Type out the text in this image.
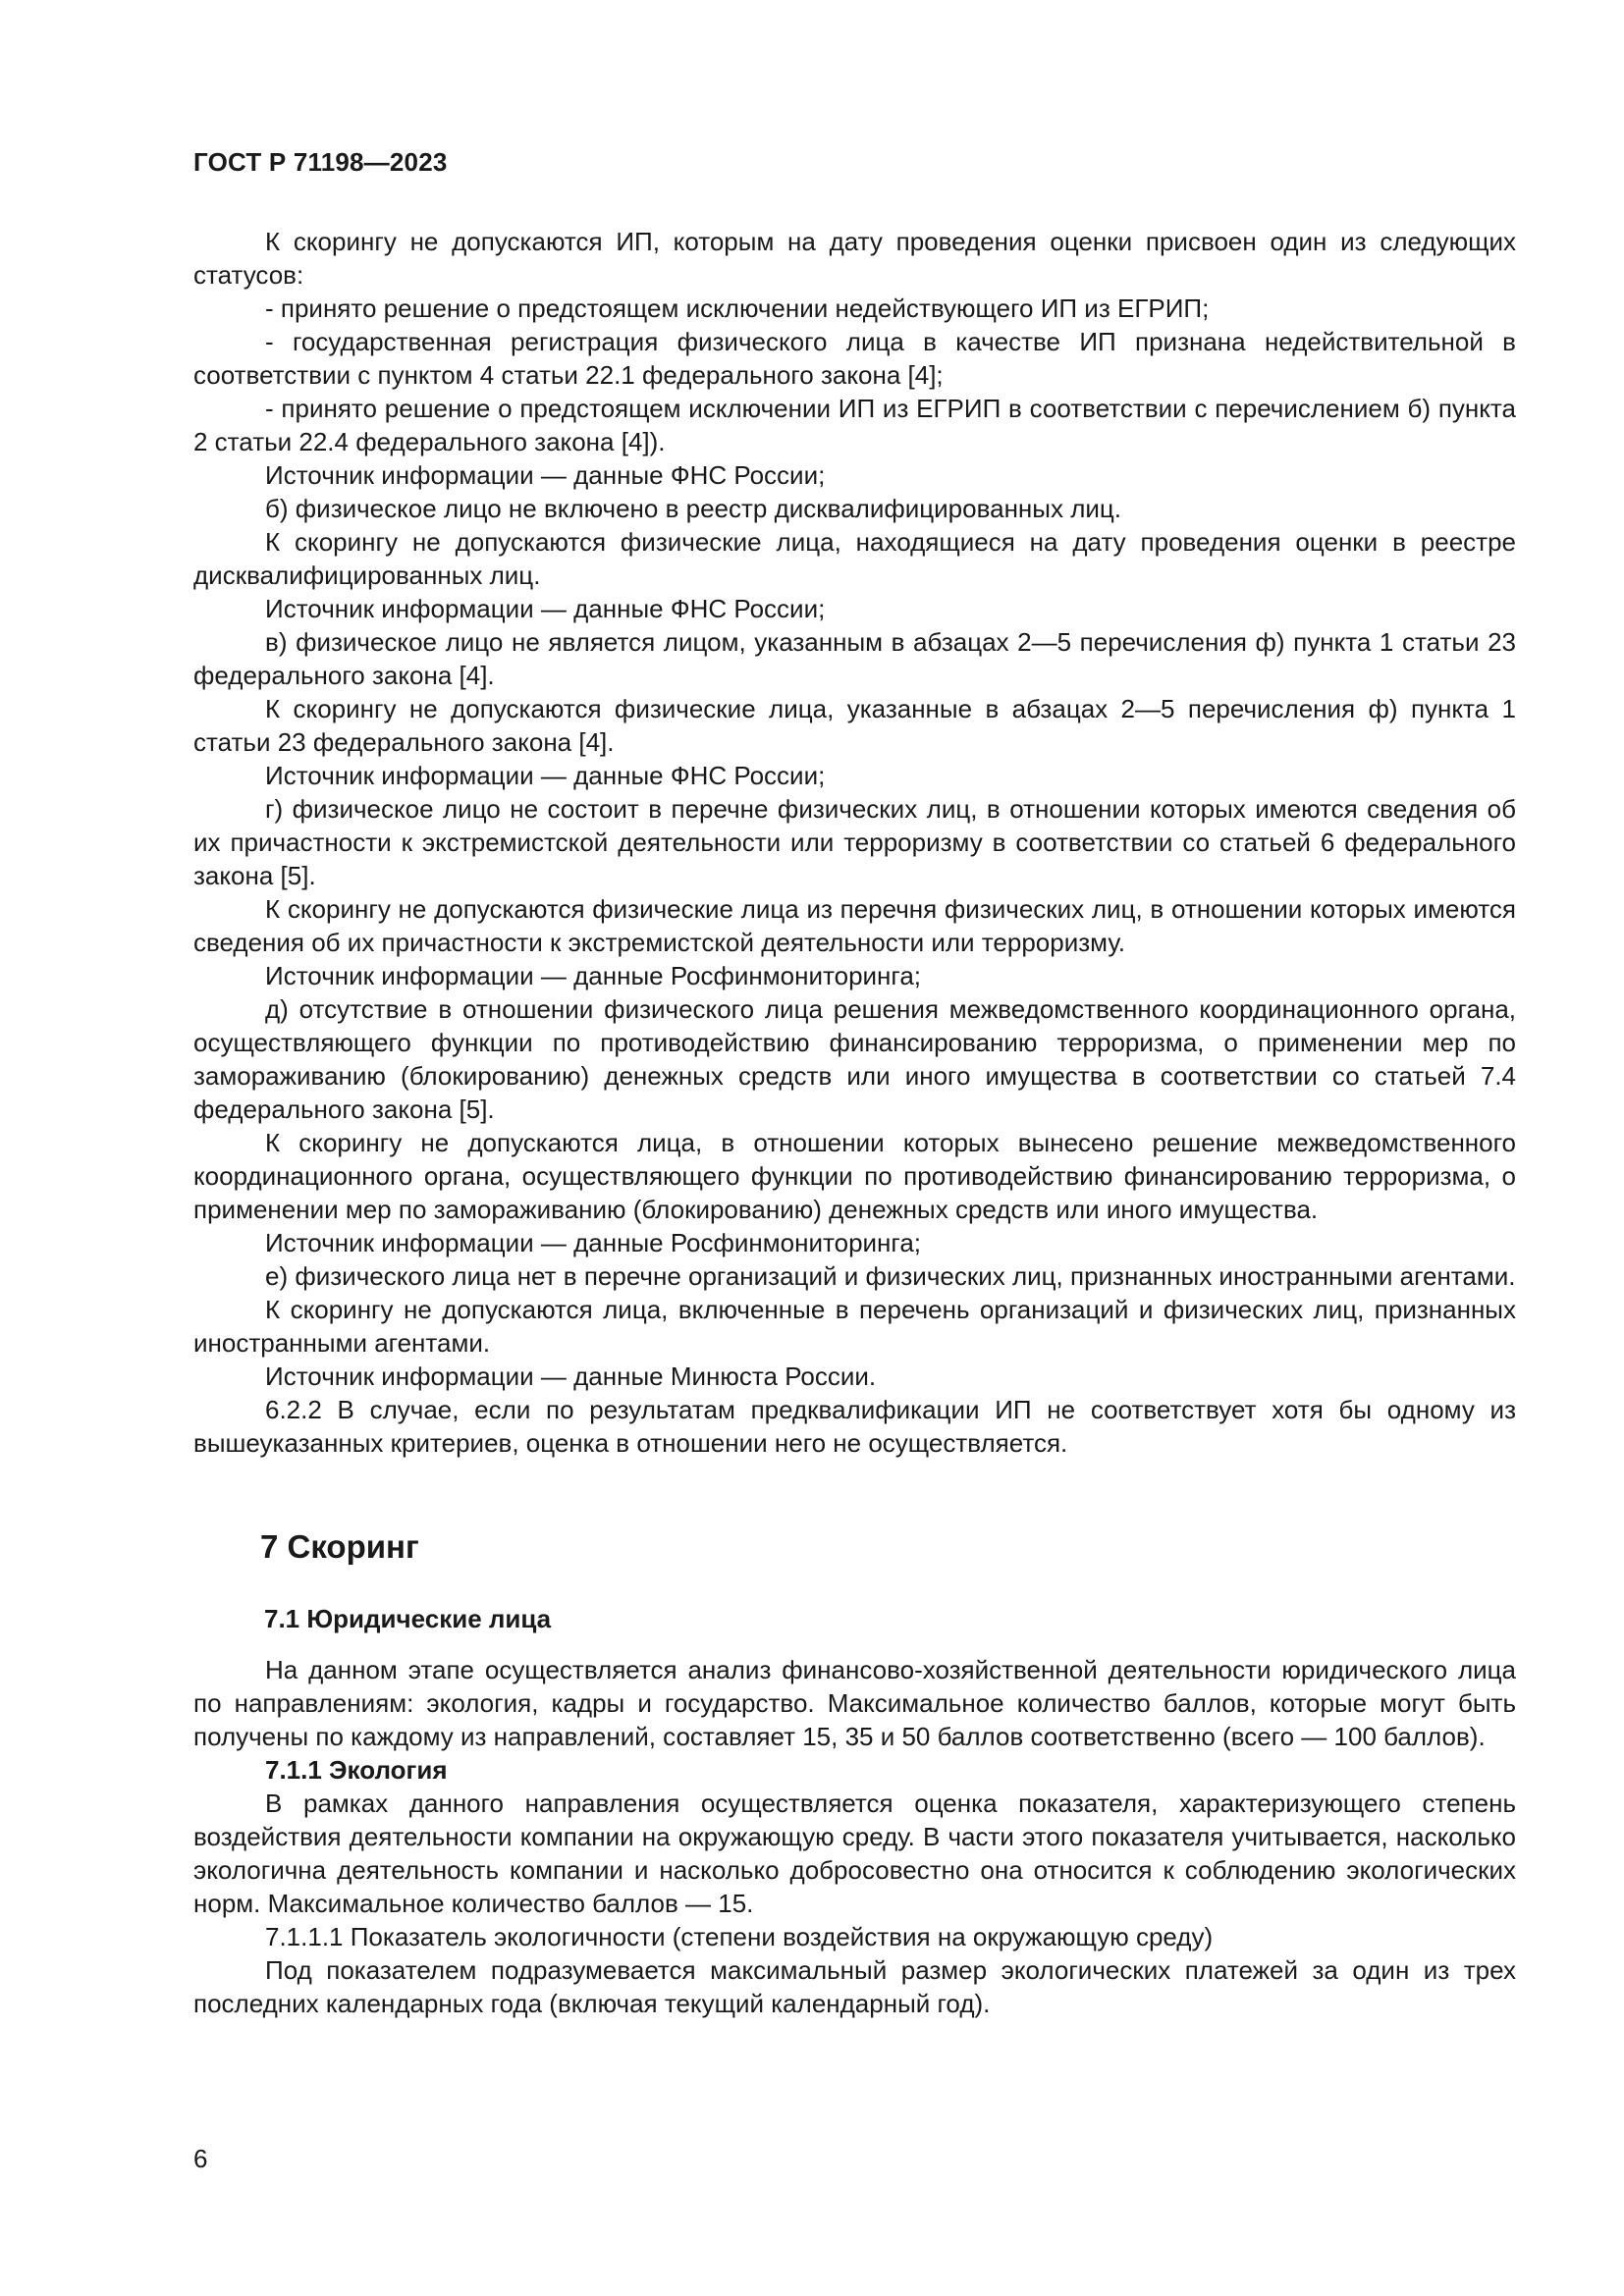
ГОСТ Р 71198—2023

К скорингу не допускаются ИП, которым на дату проведения оценки присвоен один из следующих статусов:

- принято решение о предстоящем исключении недействующего ИП из ЕГРИП;

- государственная регистрация физического лица в качестве ИП признана недействительной в соответствии с пунктом 4 статьи 22.1 федерального закона [4];

- принято решение о предстоящем исключении ИП из ЕГРИП в соответствии с перечислением б) пункта 2 статьи 22.4 федерального закона [4]).

Источник информации — данные ФНС России;

б) физическое лицо не включено в реестр дисквалифицированных лиц.

К скорингу не допускаются физические лица, находящиеся на дату проведения оценки в реестре дисквалифицированных лиц.

Источник информации — данные ФНС России;

в) физическое лицо не является лицом, указанным в абзацах 2—5 перечисления ф) пункта 1 статьи 23 федерального закона [4].

К скорингу не допускаются физические лица, указанные в абзацах 2—5 перечисления ф) пункта 1 статьи 23 федерального закона [4].

Источник информации — данные ФНС России;

г) физическое лицо не состоит в перечне физических лиц, в отношении которых имеются сведения об их причастности к экстремистской деятельности или терроризму в соответствии со статьей 6 федерального закона [5].

К скорингу не допускаются физические лица из перечня физических лиц, в отношении которых имеются сведения об их причастности к экстремистской деятельности или терроризму.

Источник информации — данные Росфинмониторинга;

д) отсутствие в отношении физического лица решения межведомственного координационного органа, осуществляющего функции по противодействию финансированию терроризма, о применении мер по замораживанию (блокированию) денежных средств или иного имущества в соответствии со статьей 7.4 федерального закона [5].

К скорингу не допускаются лица, в отношении которых вынесено решение межведомственного координационного органа, осуществляющего функции по противодействию финансированию терроризма, о применении мер по замораживанию (блокированию) денежных средств или иного имущества.

Источник информации — данные Росфинмониторинга;

е) физического лица нет в перечне организаций и физических лиц, признанных иностранными агентами.

К скорингу не допускаются лица, включенные в перечень организаций и физических лиц, признанных иностранными агентами.

Источник информации — данные Минюста России.

6.2.2 В случае, если по результатам предквалификации ИП не соответствует хотя бы одному из вышеуказанных критериев, оценка в отношении него не осуществляется.

7 Скоринг
7.1 Юридические лица

На данном этапе осуществляется анализ финансово-хозяйственной деятельности юридического лица по направлениям: экология, кадры и государство. Максимальное количество баллов, которые могут быть получены по каждому из направлений, составляет 15, 35 и 50 баллов соответственно (всего — 100 баллов).

7.1.1 Экология

В рамках данного направления осуществляется оценка показателя, характеризующего степень воздействия деятельности компании на окружающую среду. В части этого показателя учитывается, насколько экологична деятельность компании и насколько добросовестно она относится к соблюдению экологических норм. Максимальное количество баллов — 15.

7.1.1.1 Показатель экологичности (степени воздействия на окружающую среду)

Под показателем подразумевается максимальный размер экологических платежей за один из трех последних календарных года (включая текущий календарный год).

6
